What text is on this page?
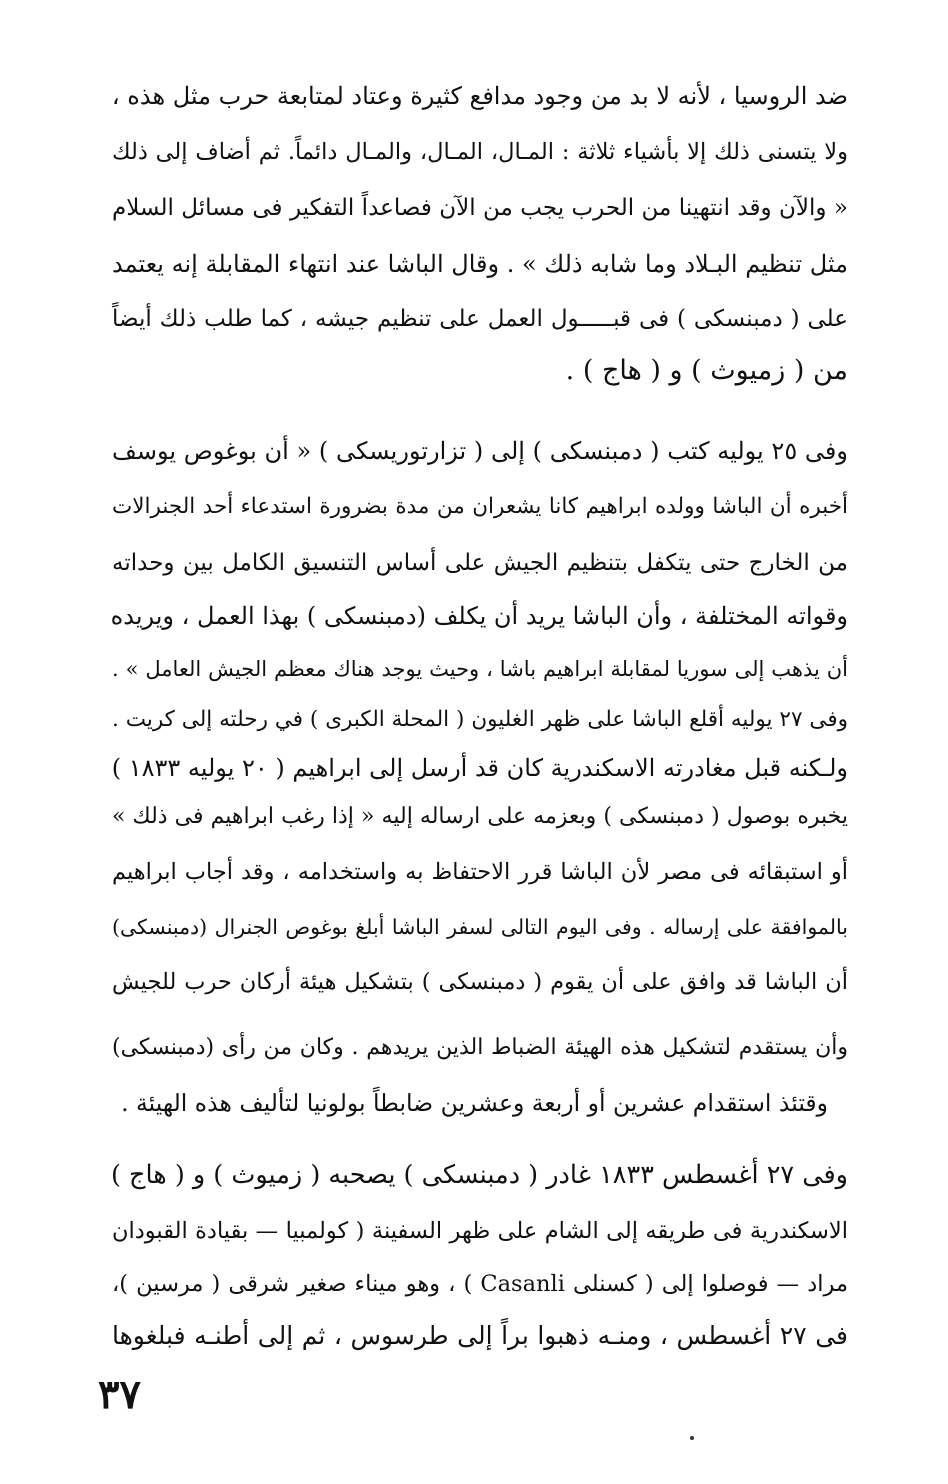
ضد الروسيا ، لأنه لا بد من وجود مدافع كثيرة وعتاد لمتابعة حرب مثل هذه ،
ولا يتسنى ذلك إلا بأشياء ثلاثة : المـال، المـال، والمـال دائماً. ثم أضاف إلى ذلك
« والآن وقد انتهينا من الحرب يجب من الآن فصاعداً التفكير فى مسائل السلام
مثل تنظيم البـلاد وما شابه ذلك » . وقال الباشا عند انتهاء المقابلة إنه يعتمد
على ( دمبنسكى ) فى قبـــــول العمل على تنظيم جيشه ، كما طلب ذلك أيضاً
من ( زميوث ) و ( هاج ) .
وفى ٢٥ يوليه كتب ( دمبنسكى ) إلى ( تزارتوريسكى ) « أن بوغوص يوسف
أخبره أن الباشا وولده ابراهيم كانا يشعران من مدة بضرورة استدعاء أحد الجنرالات
من الخارج حتى يتكفل بتنظيم الجيش على أساس التنسيق الكامل بين وحداته
وقواته المختلفة ، وأن الباشا يريد أن يكلف (دمبنسكى ) بهذا العمل ، ويريده
أن يذهب إلى سوريا لمقابلة ابراهيم باشا ، وحيث يوجد هناك معظم الجيش العامل » .
وفى ٢٧ يوليه أقلع الباشا على ظهر الغليون ( المحلة الكبرى ) في رحلته إلى كريت .
ولـكنه قبل مغادرته الاسكندرية كان قد أرسل إلى ابراهيم ( ٢٠ يوليه ١٨٣٣ )
يخبره بوصول ( دمبنسكى ) وبعزمه على ارساله إليه « إذا رغب ابراهيم فى ذلك »
أو استبقائه فى مصر لأن الباشا قرر الاحتفاظ به واستخدامه ، وقد أجاب ابراهيم
بالموافقة على إرساله . وفى اليوم التالى لسفر الباشا أبلغ بوغوص الجنرال (دمبنسكى)
أن الباشا قد وافق على أن يقوم ( دمبنسكى ) بتشكيل هيئة أركان حرب للجيش
وأن يستقدم لتشكيل هذه الهيئة الضباط الذين يريدهم . وكان من رأى (دمبنسكى)
وقتئذ استقدام عشرين أو أربعة وعشرين ضابطاً بولونيا لتأليف هذه الهيئة .
وفى ٢٧ أغسطس ١٨٣٣ غادر ( دمبنسكى ) يصحبه ( زميوث ) و ( هاج )
الاسكندرية فى طريقه إلى الشام على ظهر السفينة ( كولمبيا — بقيادة القبودان
مراد — فوصلوا إلى ( كسنلى Casanli ) ، وهو ميناء صغير شرقى ( مرسين )،
فى ٢٧ أغسطس ، ومنـه ذهبوا براً إلى طرسوس ، ثم إلى أطنـه فبلغوها
٣٧
